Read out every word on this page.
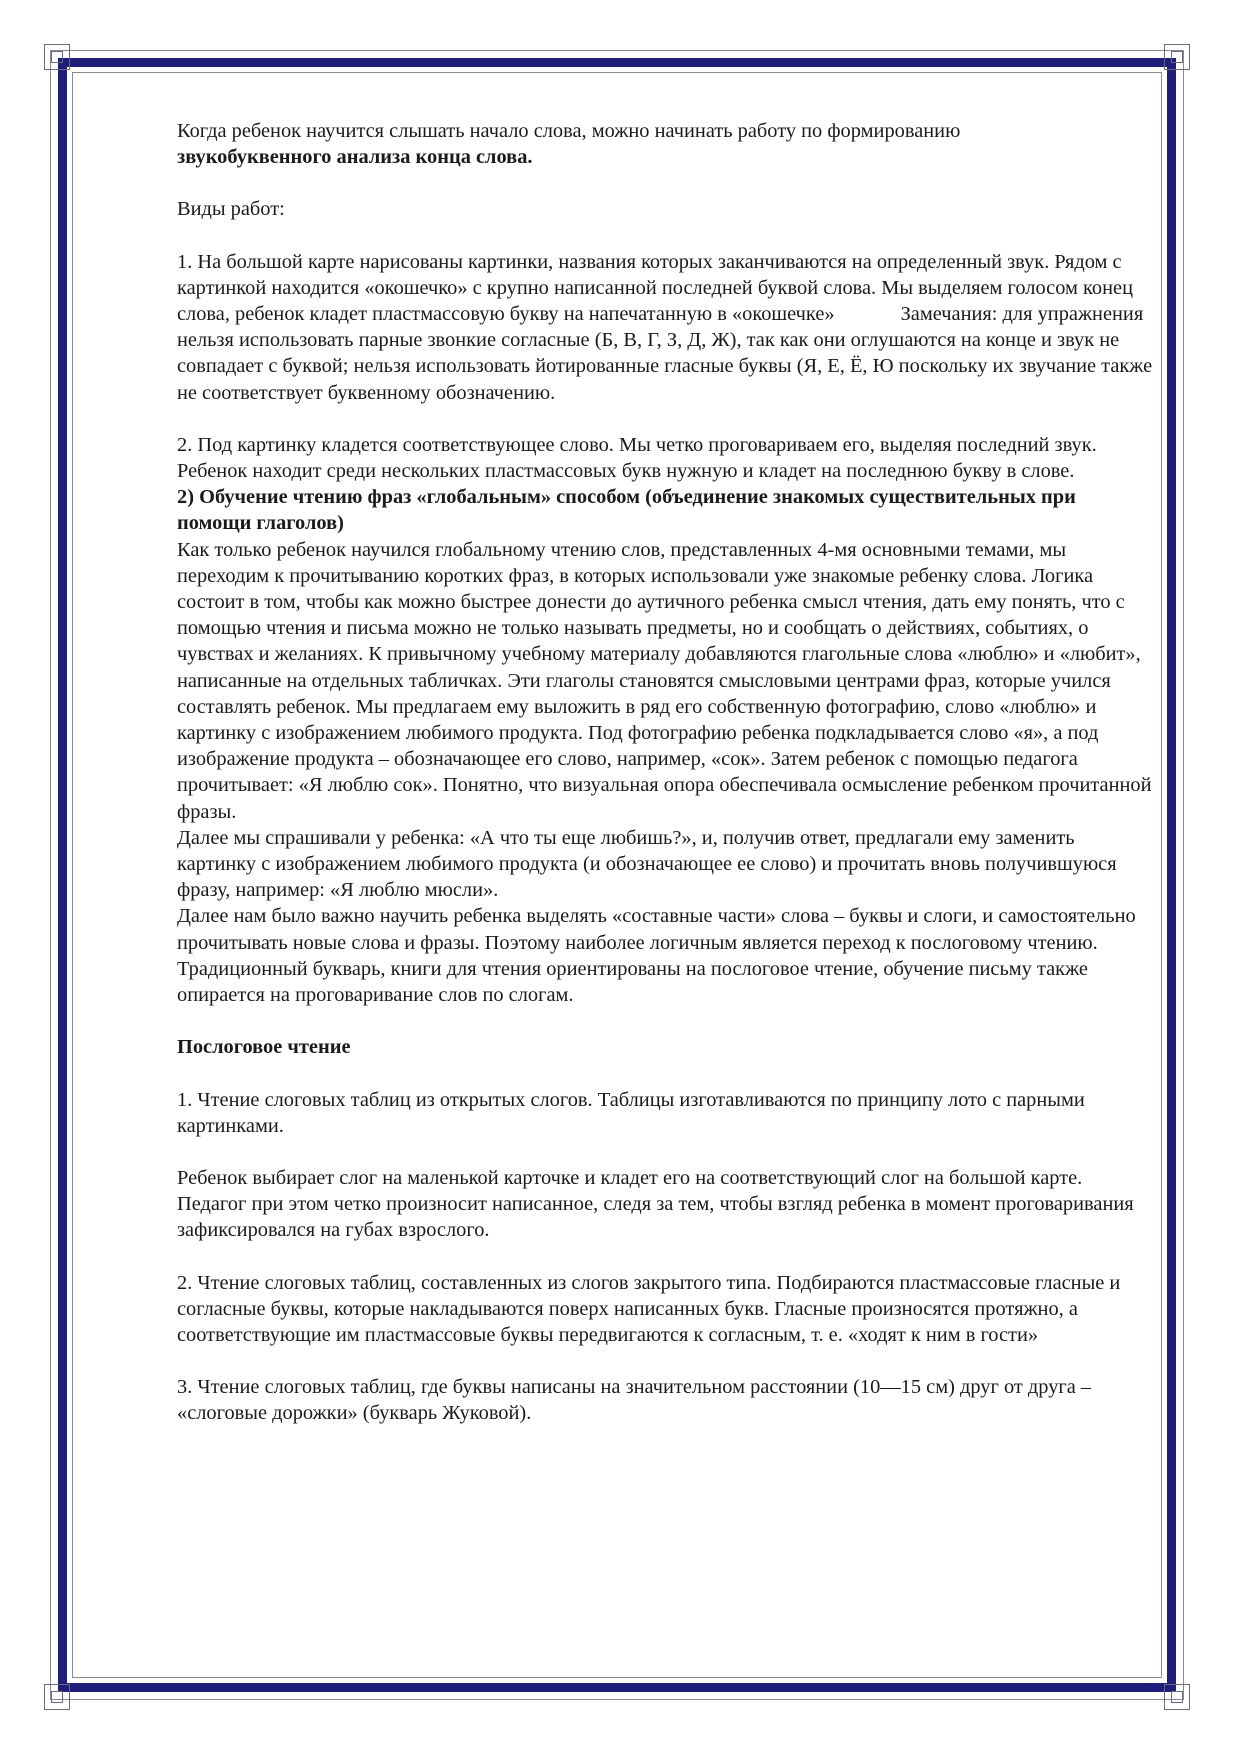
Когда ребенок научится слышать начало слова, можно начинать работу по формированию
звукобуквенного анализа конца слова.

Виды работ:

1. На большой карте нарисованы картинки, названия которых заканчиваются на определенный звук. Рядом с картинкой находится «окошечко» с крупно написанной последней буквой слова. Мы выделяем голосом конец слова, ребенок кладет пластмассовую букву на напечатанную в «окошечке»	Замечания: для упражнения нельзя использовать парные звонкие согласные (Б, В, Г, З, Д, Ж), так как они оглушаются на конце и звук не совпадает с буквой; нельзя использовать йотированные гласные буквы (Я, Е, Ё, Ю поскольку их звучание также не соответствует буквенному обозначению.

2. Под картинку кладется соответствующее слово. Мы четко проговариваем его, выделяя последний звук. Ребенок находит среди нескольких пластмассовых букв нужную и кладет на последнюю букву в слове.

2) Обучение чтению фраз «глобальным» способом (объединение знакомых существительных при помощи глаголов)

Как только ребенок научился глобальному чтению слов, представленных 4-мя основными темами, мы переходим к прочитыванию коротких фраз, в которых использовали уже знакомые ребенку слова. Логика состоит в том, чтобы как можно быстрее донести до аутичного ребенка смысл чтения, дать ему понять, что с помощью чтения и письма можно не только называть предметы, но и сообщать о действиях, событиях, о чувствах и желаниях. К привычному учебному материалу добавляются глагольные слова «люблю» и «любит», написанные на отдельных табличках. Эти глаголы становятся смысловыми центрами фраз, которые учился составлять ребенок. Мы предлагаем ему выложить в ряд его собственную фотографию, слово «люблю» и картинку с изображением любимого продукта. Под фотографию ребенка подкладывается слово «я», а под изображение продукта – обозначающее его слово, например, «сок». Затем ребенок с помощью педагога прочитывает: «Я люблю сок». Понятно, что визуальная опора обеспечивала осмысление ребенком прочитанной фразы.

Далее мы спрашивали у ребенка: «А что ты еще любишь?», и, получив ответ, предлагали ему заменить картинку с изображением любимого продукта (и обозначающее ее слово) и прочитать вновь получившуюся фразу, например: «Я люблю мюсли».

Далее нам было важно научить ребенка выделять «составные части» слова – буквы и слоги, и самостоятельно прочитывать новые слова и фразы. Поэтому наиболее логичным является переход к послоговому чтению. Традиционный букварь, книги для чтения ориентированы на послоговое чтение, обучение письму также опирается на проговаривание слов по слогам.

Послоговое чтение

1. Чтение слоговых таблиц из открытых слогов. Таблицы изготавливаются по принципу лото с парными картинками.

Ребенок выбирает слог на маленькой карточке и кладет его на соответствующий слог на большой карте. Педагог при этом четко произносит написанное, следя за тем, чтобы взгляд ребенка в момент проговаривания зафиксировался на губах взрослого.

2. Чтение слоговых таблиц, составленных из слогов закрытого типа. Подбираются пластмассовые гласные и согласные буквы, которые накладываются поверх написанных букв. Гласные произносятся протяжно, а соответствующие им пластмассовые буквы передвигаются к согласным, т. е. «ходят к ним в гости»

3. Чтение слоговых таблиц, где буквы написаны на значительном расстоянии (10—15 см) друг от друга – «слоговые дорожки» (букварь Жуковой).
